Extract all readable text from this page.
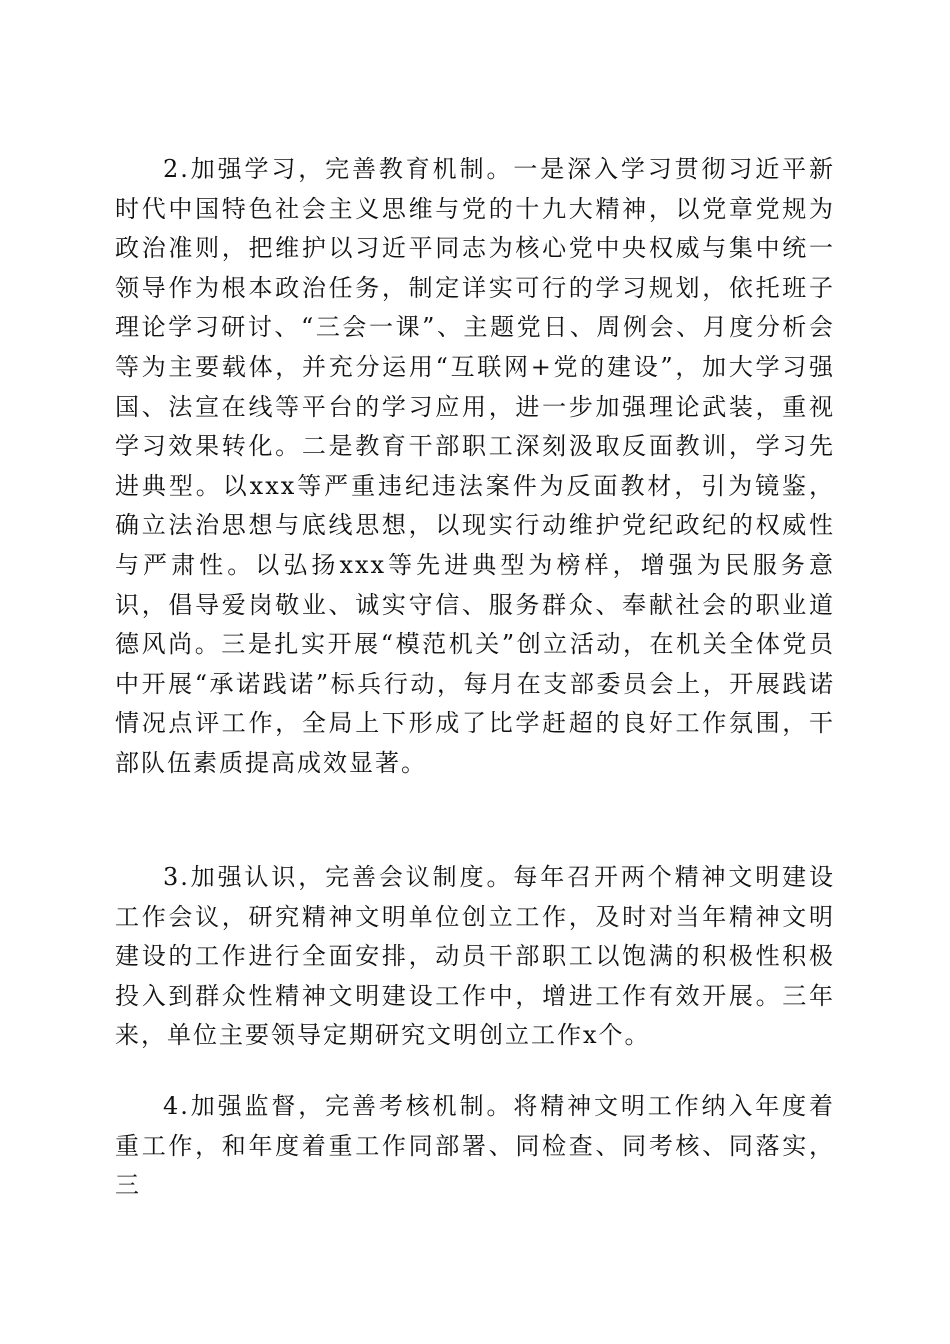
2.加强学习，完善教育机制。一是深入学习贯彻习近平新时代中国特色社会主义思维与党的十九大精神，以党章党规为政治准则，把维护以习近平同志为核心党中央权威与集中统一领导作为根本政治任务，制定详实可行的学习规划，依托班子理论学习研讨、“三会一课”、主题党日、周例会、月度分析会等为主要载体，并充分运用“互联网+党的建设”，加大学习强国、法宣在线等平台的学习应用，进一步加强理论武装，重视学习效果转化。二是教育干部职工深刻汲取反面教训，学习先进典型。以xxx等严重违纪违法案件为反面教材，引为镜鉴，确立法治思想与底线思想，以现实行动维护党纪政纪的权威性与严肃性。以弘扬xxx等先进典型为榜样，增强为民服务意识，倡导爱岗敬业、诚实守信、服务群众、奉献社会的职业道德风尚。三是扎实开展“模范机关”创立活动，在机关全体党员中开展“承诺践诺”标兵行动，每月在支部委员会上，开展践诺情况点评工作，全局上下形成了比学赶超的良好工作氛围，干部队伍素质提高成效显著。

3.加强认识，完善会议制度。每年召开两个精神文明建设工作会议，研究精神文明单位创立工作，及时对当年精神文明建设的工作进行全面安排，动员干部职工以饱满的积极性积极投入到群众性精神文明建设工作中，增进工作有效开展。三年来，单位主要领导定期研究文明创立工作x个。

4.加强监督，完善考核机制。将精神文明工作纳入年度着重工作，和年度着重工作同部署、同检查、同考核、同落实，三
